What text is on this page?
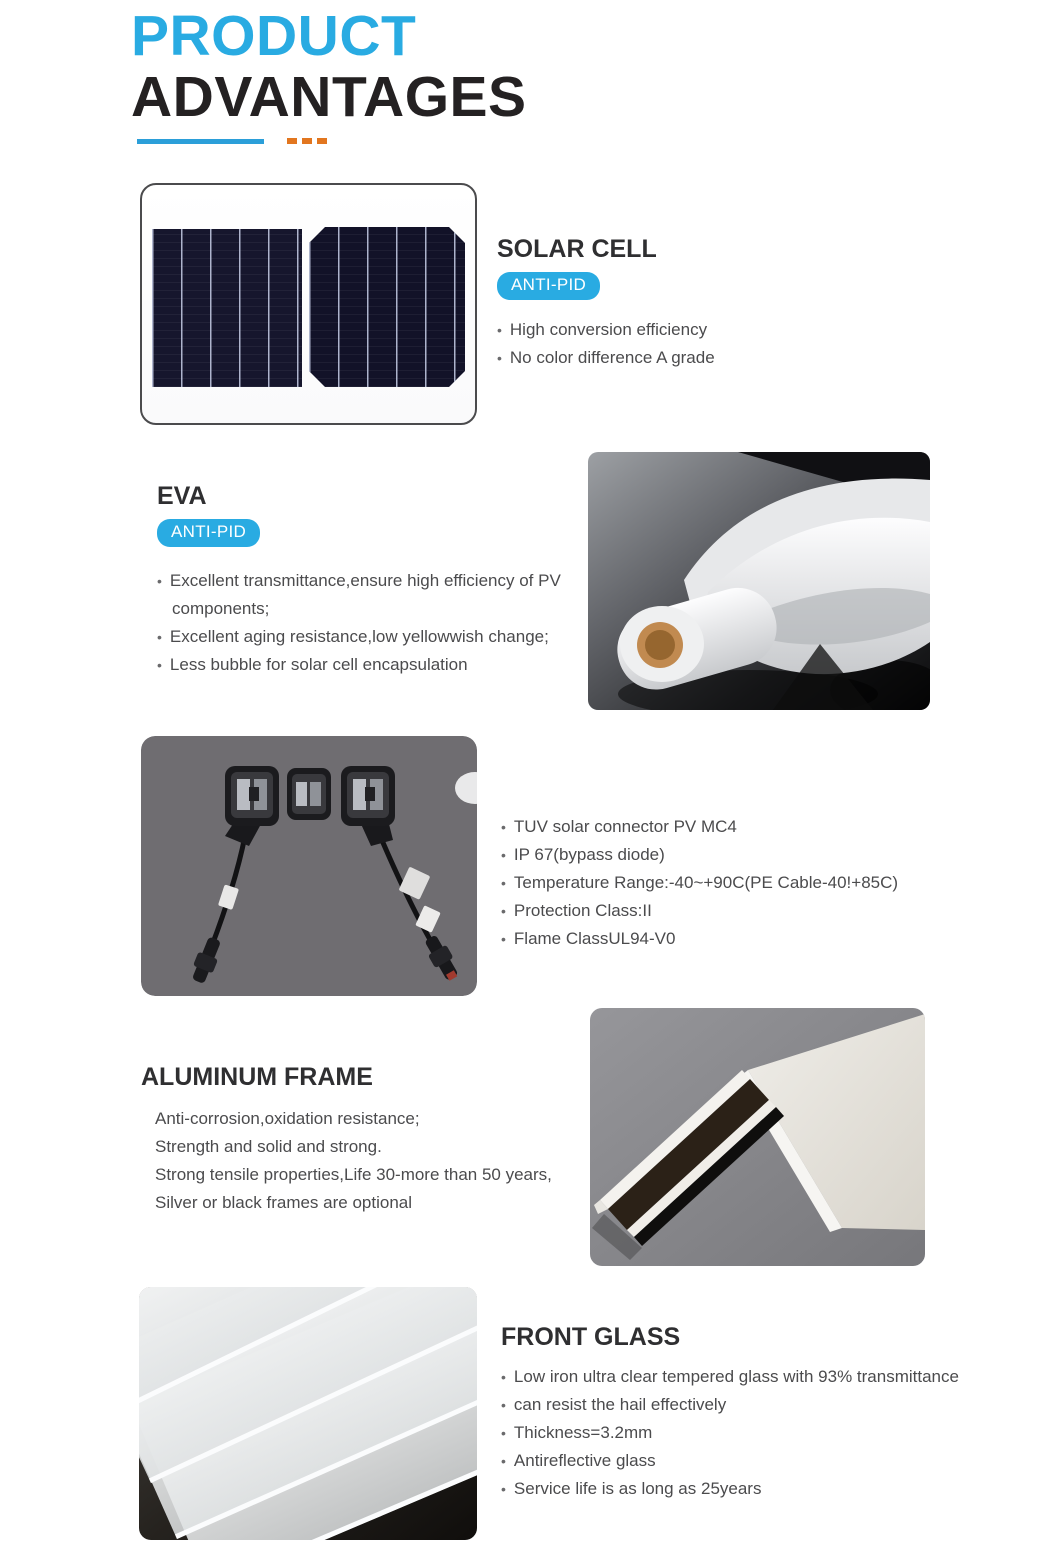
PRODUCT
ADVANTAGES
SOLAR CELL
ANTI-PID
• High conversion efficiency
• No color difference A grade
EVA
ANTI-PID
• Excellent transmittance,ensure high efficiency of PV components;
• Excellent aging resistance,low yellowwish change;
• Less bubble for solar cell encapsulation
• TUV solar connector PV MC4
• IP 67(bypass diode)
• Temperature Range:-40~+90C(PE Cable-40!+85C)
• Protection Class:II
• Flame ClassUL94-V0
ALUMINUM FRAME
Anti-corrosion,oxidation resistance;
Strength and solid and strong.
Strong tensile properties,Life 30-more than 50 years,
Silver or black frames are optional
FRONT GLASS
• Low iron ultra clear tempered glass with 93% transmittance
• can resist the hail effectively
• Thickness=3.2mm
• Antireflective glass
• Service life is as long as 25years
